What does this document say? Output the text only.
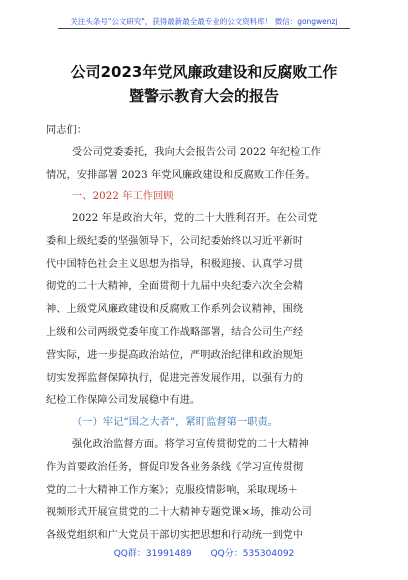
关注头条号"公文研究"，获得最新最全最专业的公文资料库！ 微信：gongwenzj
公司2023年党风廉政建设和反腐败工作
暨警示教育大会的报告
同志们：
受公司党委委托，我向大会报告公司 2022 年纪检工作
情况，安排部署 2023 年党风廉政建设和反腐败工作任务。
一、2022 年工作回顾
2022 年是政治大年，党的二十大胜利召开。在公司党
委和上级纪委的坚强领导下，公司纪委始终以习近平新时
代中国特色社会主义思想为指导，积极迎接、认真学习贯
彻党的二十大精神，全面贯彻十九届中央纪委六次全会精
神、上级党风廉政建设和反腐败工作系列会议精神，围绕
上级和公司两级党委年度工作战略部署，结合公司生产经
营实际，进一步提高政治站位，严明政治纪律和政治规矩
切实发挥监督保障执行，促进完善发展作用，以强有力的
纪检工作保障公司发展稳中有进。
（一）牢记“国之大者”，紧盯监督第一职责。
强化政治监督方面。将学习宣传贯彻党的二十大精神
作为首要政治任务，督促印发各业务条线《学习宣传贯彻
党的二十大精神工作方案》；克服疫情影响，采取现场＋
视频形式开展宣贯党的二十大精神专题党课×场，推动公司
各级党组织和广大党员干部切实把思想和行动统一到党中
QQ群：31991489 QQ分：535304092
